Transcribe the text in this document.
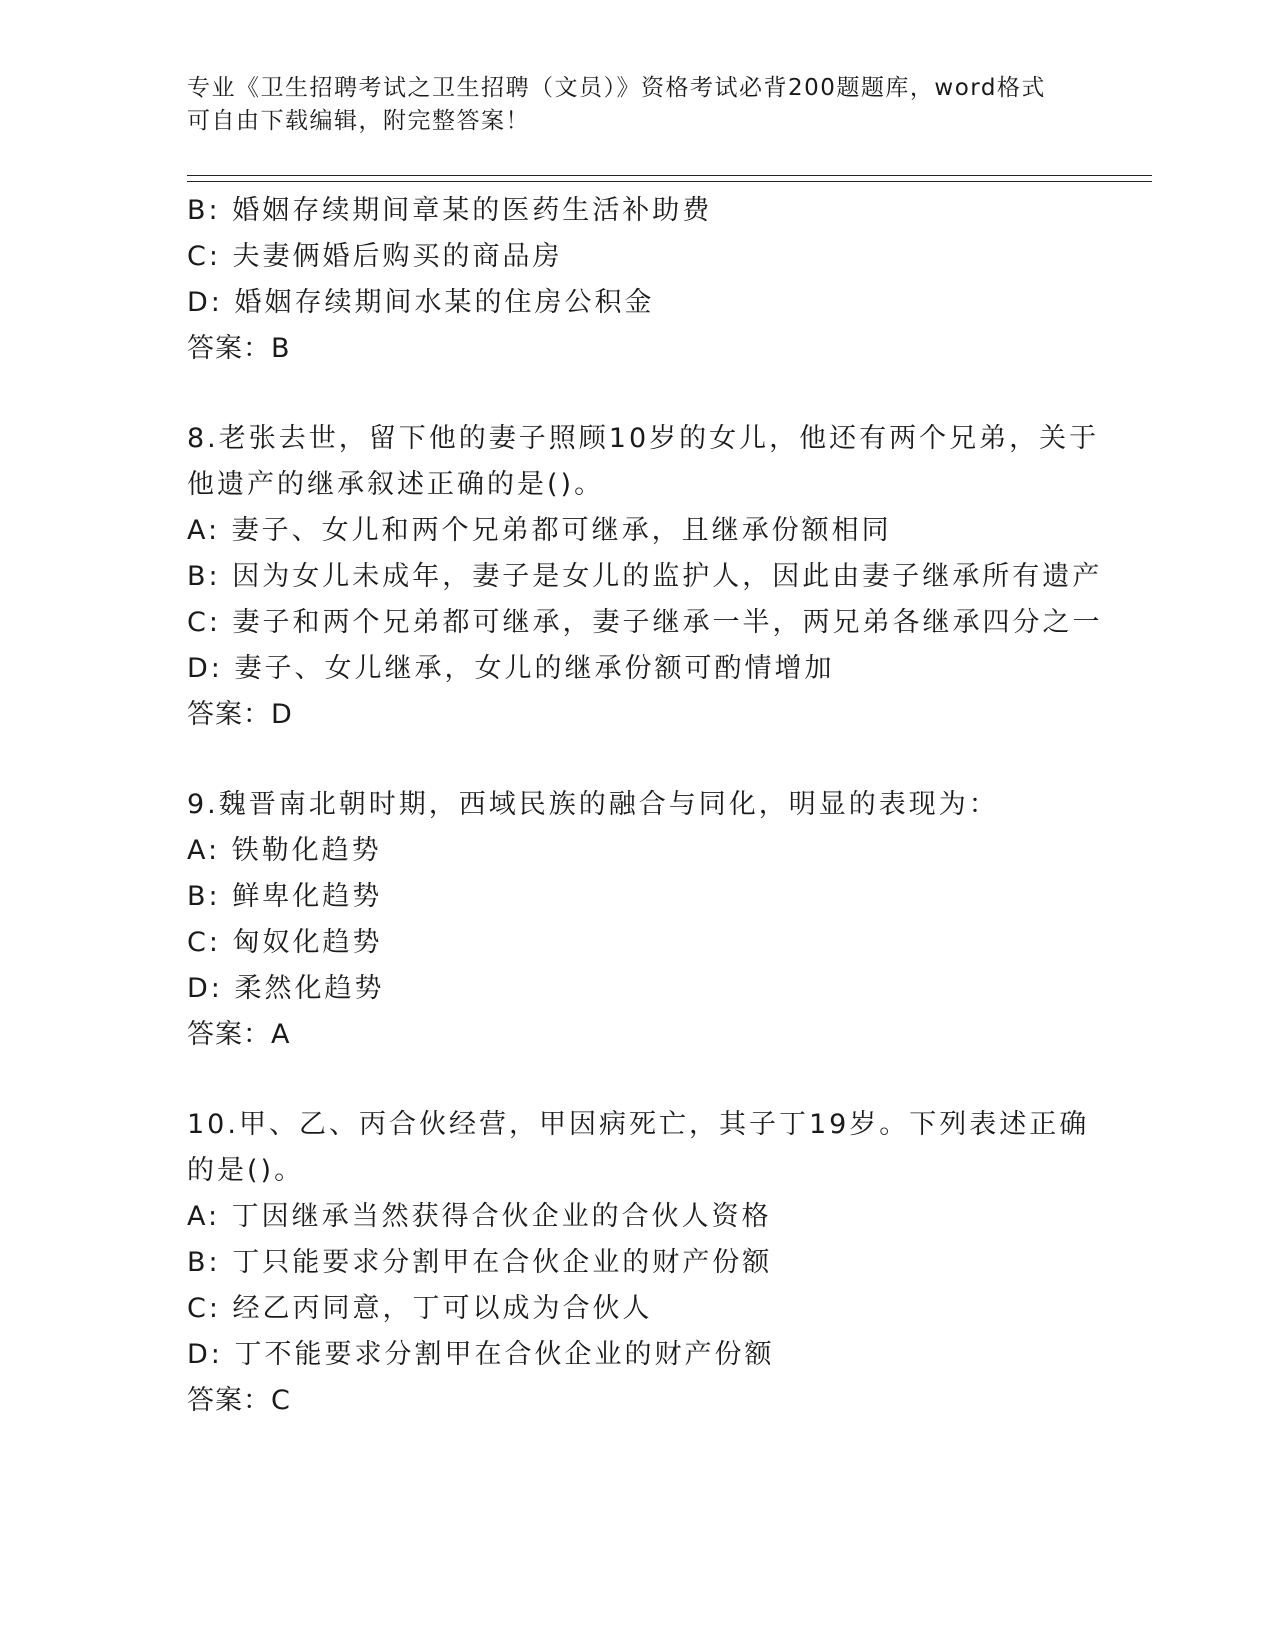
专业《卫生招聘考试之卫生招聘（文员）》资格考试必背200题题库，word格式
可自由下载编辑，附完整答案！
B: 婚姻存续期间章某的医药生活补助费
C: 夫妻俩婚后购买的商品房
D: 婚姻存续期间水某的住房公积金
答案：B
8.老张去世，留下他的妻子照顾10岁的女儿，他还有两个兄弟，关于
他遗产的继承叙述正确的是()。
A: 妻子、女儿和两个兄弟都可继承，且继承份额相同
B: 因为女儿未成年，妻子是女儿的监护人，因此由妻子继承所有遗产
C: 妻子和两个兄弟都可继承，妻子继承一半，两兄弟各继承四分之一
D: 妻子、女儿继承，女儿的继承份额可酌情增加
答案：D
9.魏晋南北朝时期，西域民族的融合与同化，明显的表现为：
A: 铁勒化趋势
B: 鲜卑化趋势
C: 匈奴化趋势
D: 柔然化趋势
答案：A
10.甲、乙、丙合伙经营，甲因病死亡，其子丁19岁。下列表述正确
的是()。
A: 丁因继承当然获得合伙企业的合伙人资格
B: 丁只能要求分割甲在合伙企业的财产份额
C: 经乙丙同意，丁可以成为合伙人
D: 丁不能要求分割甲在合伙企业的财产份额
答案：C
